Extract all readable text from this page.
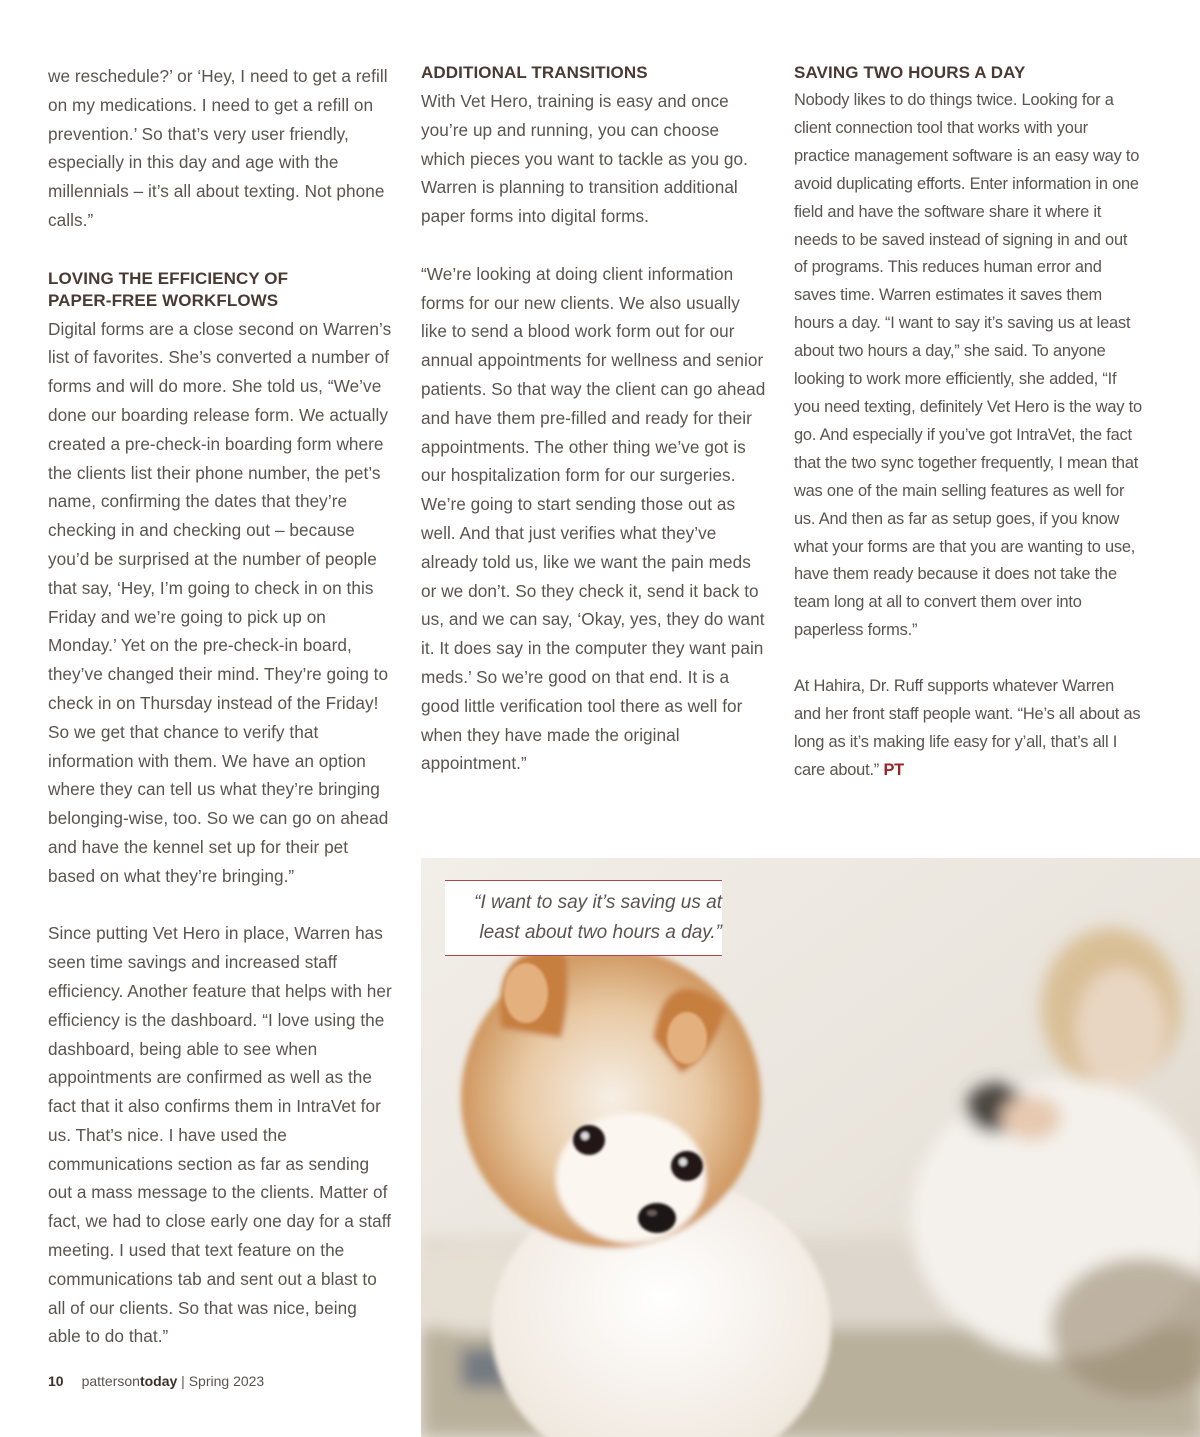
we reschedule?’ or ‘Hey, I need to get a refill on my medications. I need to get a refill on prevention.’ So that’s very user friendly, especially in this day and age with the millennials – it’s all about texting. Not phone calls.”

LOVING THE EFFICIENCY OF
PAPER-FREE WORKFLOWS

Digital forms are a close second on Warren’s list of favorites. She’s converted a number of forms and will do more. She told us, “We’ve done our boarding release form. We actually created a pre-check-in boarding form where the clients list their phone number, the pet’s name, confirming the dates that they’re checking in and checking out – because you’d be surprised at the number of people that say, ‘Hey, I’m going to check in on this Friday and we’re going to pick up on Monday.’ Yet on the pre-check-in board, they’ve changed their mind. They’re going to check in on Thursday instead of the Friday! So we get that chance to verify that information with them. We have an option where they can tell us what they’re bringing belonging-wise, too. So we can go on ahead and have the kennel set up for their pet based on what they’re bringing.”

Since putting Vet Hero in place, Warren has seen time savings and increased staff efficiency. Another feature that helps with her efficiency is the dashboard. “I love using the dashboard, being able to see when appointments are confirmed as well as the fact that it also confirms them in IntraVet for us. That’s nice. I have used the communications section as far as sending out a mass message to the clients. Matter of fact, we had to close early one day for a staff meeting. I used that text feature on the communications tab and sent out a blast to all of our clients. So that was nice, being able to do that.”

ADDITIONAL TRANSITIONS

With Vet Hero, training is easy and once you’re up and running, you can choose which pieces you want to tackle as you go. Warren is planning to transition additional paper forms into digital forms.

“We’re looking at doing client information forms for our new clients. We also usually like to send a blood work form out for our annual appointments for wellness and senior patients. So that way the client can go ahead and have them pre-filled and ready for their appointments. The other thing we’ve got is our hospitalization form for our surgeries. We’re going to start sending those out as well. And that just verifies what they’ve already told us, like we want the pain meds or we don’t. So they check it, send it back to us, and we can say, ‘Okay, yes, they do want it. It does say in the computer they want pain meds.’ So we’re good on that end. It is a good little verification tool there as well for when they have made the original appointment.”

SAVING TWO HOURS A DAY

Nobody likes to do things twice. Looking for a client connection tool that works with your practice management software is an easy way to avoid duplicating efforts. Enter information in one field and have the software share it where it needs to be saved instead of signing in and out of programs. This reduces human error and saves time. Warren estimates it saves them hours a day. “I want to say it’s saving us at least about two hours a day,” she said. To anyone looking to work more efficiently, she added, “If you need texting, definitely Vet Hero is the way to go. And especially if you’ve got IntraVet, the fact that the two sync together frequently, I mean that was one of the main selling features as well for us. And then as far as setup goes, if you know what your forms are that you are wanting to use, have them ready because it does not take the team long at all to convert them over into paperless forms.”

At Hahira, Dr. Ruff supports whatever Warren and her front staff people want. “He’s all about as long as it’s making life easy for y’all, that’s all I care about.” PT

“I want to say it’s saving us at
least about two hours a day.”

10 pattersontoday | Spring 2023
